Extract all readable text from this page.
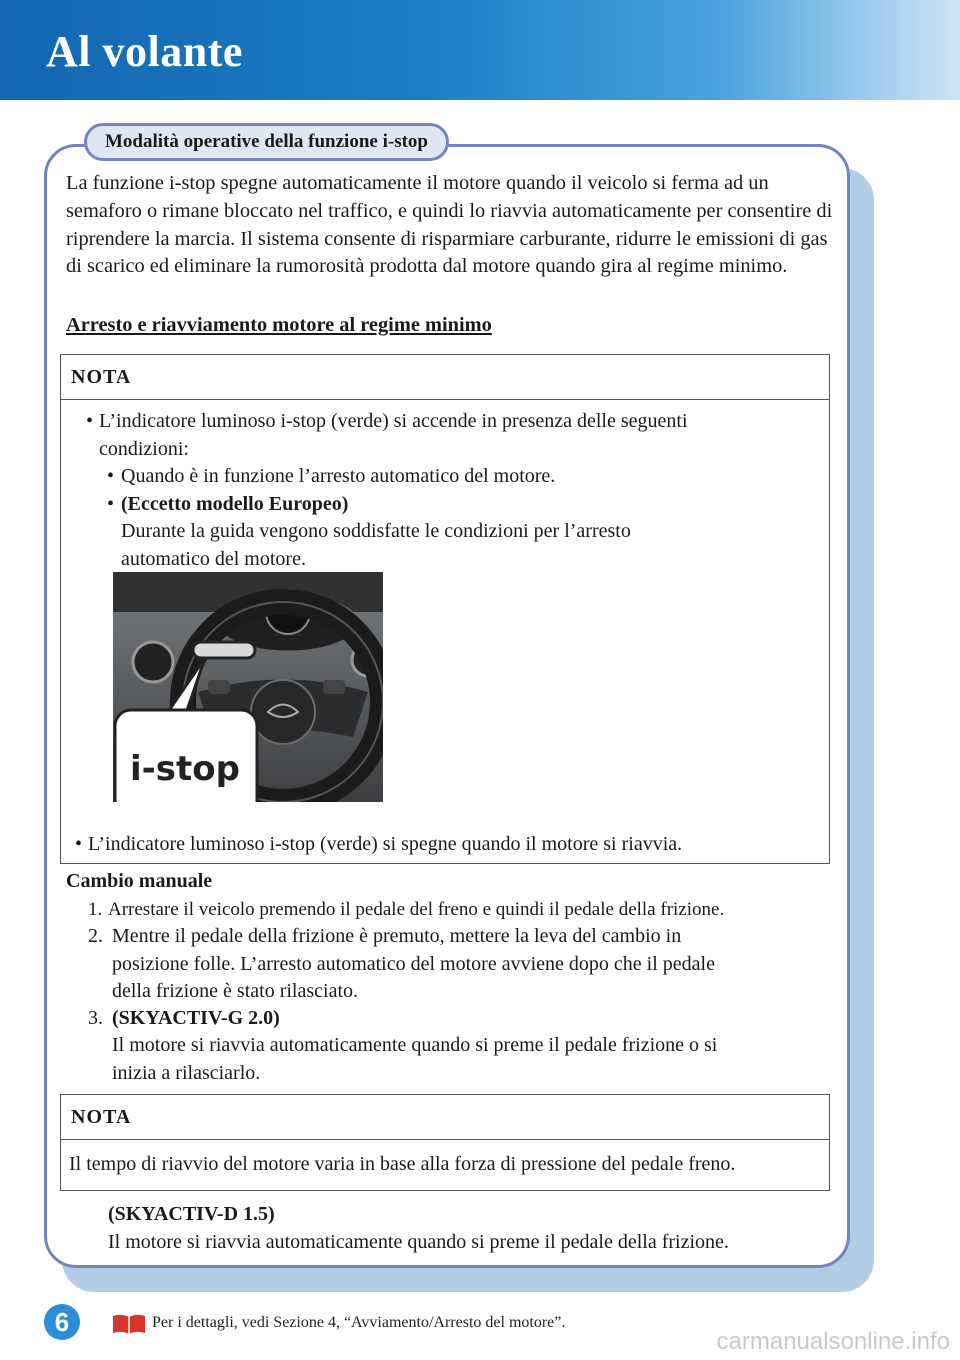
Al volante
Modalità operative della funzione i-stop

La funzione i-stop spegne automaticamente il motore quando il veicolo si ferma ad un semaforo o rimane bloccato nel traffico, e quindi lo riavvia automaticamente per consentire di riprendere la marcia. Il sistema consente di risparmiare carburante, ridurre le emissioni di gas di scarico ed eliminare la rumorosità prodotta dal motore quando gira al regime minimo.

Arresto e riavviamento motore al regime minimo
NOTA
• L’indicatore luminoso i-stop (verde) si accende in presenza delle seguenti
condizioni:
• Quando è in funzione l’arresto automatico del motore.
• (Eccetto modello Europeo)
Durante la guida vengono soddisfatte le condizioni per l’arresto
automatico del motore.
i-stop
• L’indicatore luminoso i-stop (verde) si spegne quando il motore si riavvia.
Cambio manuale
1. Arrestare il veicolo premendo il pedale del freno e quindi il pedale della frizione.
2. Mentre il pedale della frizione è premuto, mettere la leva del cambio in
posizione folle. L’arresto automatico del motore avviene dopo che il pedale
della frizione è stato rilasciato.
3. (SKYACTIV-G 2.0)
Il motore si riavvia automaticamente quando si preme il pedale frizione o si
inizia a rilasciarlo.
NOTA
Il tempo di riavvio del motore varia in base alla forza di pressione del pedale freno.
(SKYACTIV-D 1.5)
Il motore si riavvia automaticamente quando si preme il pedale della frizione.
6	Per i dettagli, vedi Sezione 4, “Avviamento/Arresto del motore”.
carmanualsonline.info
